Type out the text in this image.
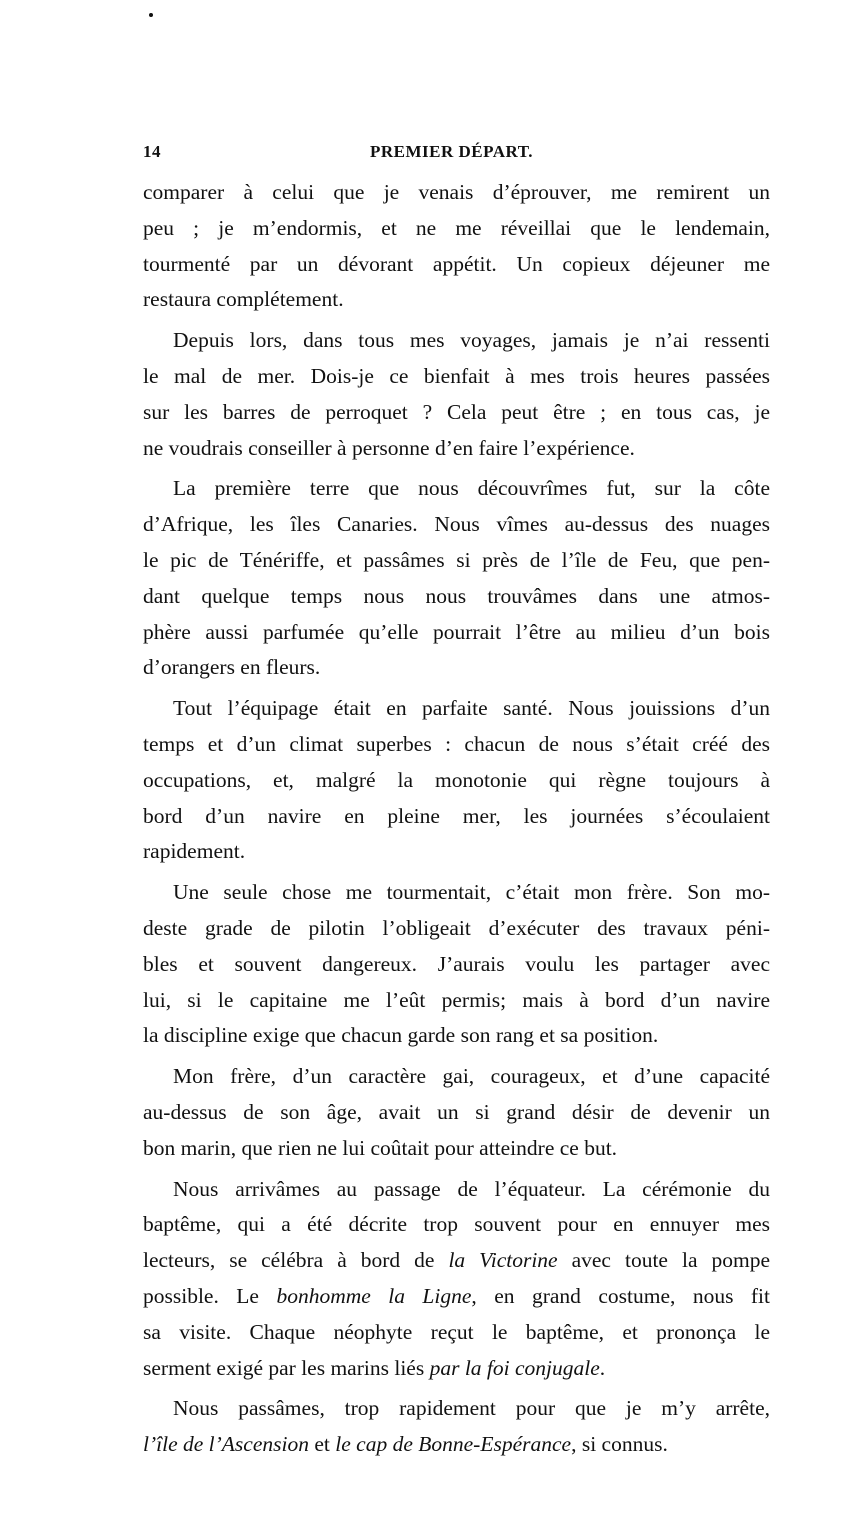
14	PREMIER DÉPART.
comparer à celui que je venais d’éprouver, me remirent un
peu ; je m’endormis, et ne me réveillai que le lendemain,
tourmenté par un dévorant appétit. Un copieux déjeuner me
restaura complétement.
Depuis lors, dans tous mes voyages, jamais je n’ai ressenti
le mal de mer. Dois-je ce bienfait à mes trois heures passées
sur les barres de perroquet ? Cela peut être ; en tous cas, je
ne voudrais conseiller à personne d’en faire l’expérience.
La première terre que nous découvrîmes fut, sur la côte
d’Afrique, les îles Canaries. Nous vîmes au-dessus des nuages
le pic de Ténériffe, et passâmes si près de l’île de Feu, que pen-
dant quelque temps nous nous trouvâmes dans une atmos-
phère aussi parfumée qu’elle pourrait l’être au milieu d’un bois
d’orangers en fleurs.
Tout l’équipage était en parfaite santé. Nous jouissions d’un
temps et d’un climat superbes : chacun de nous s’était créé des
occupations, et, malgré la monotonie qui règne toujours à
bord d’un navire en pleine mer, les journées s’écoulaient
rapidement.
Une seule chose me tourmentait, c’était mon frère. Son mo-
deste grade de pilotin l’obligeait d’exécuter des travaux péni-
bles et souvent dangereux. J’aurais voulu les partager avec
lui, si le capitaine me l’eût permis; mais à bord d’un navire
la discipline exige que chacun garde son rang et sa position.
Mon frère, d’un caractère gai, courageux, et d’une capacité
au-dessus de son âge, avait un si grand désir de devenir un
bon marin, que rien ne lui coûtait pour atteindre ce but.
Nous arrivâmes au passage de l’équateur. La cérémonie du
baptême, qui a été décrite trop souvent pour en ennuyer mes
lecteurs, se célébra à bord de la Victorine avec toute la pompe
possible. Le bonhomme la Ligne, en grand costume, nous fit
sa visite. Chaque néophyte reçut le baptême, et prononça le
serment exigé par les marins liés par la foi conjugale.
Nous passâmes, trop rapidement pour que je m’y arrête,
l’île de l’Ascension et le cap de Bonne-Espérance, si connus.
